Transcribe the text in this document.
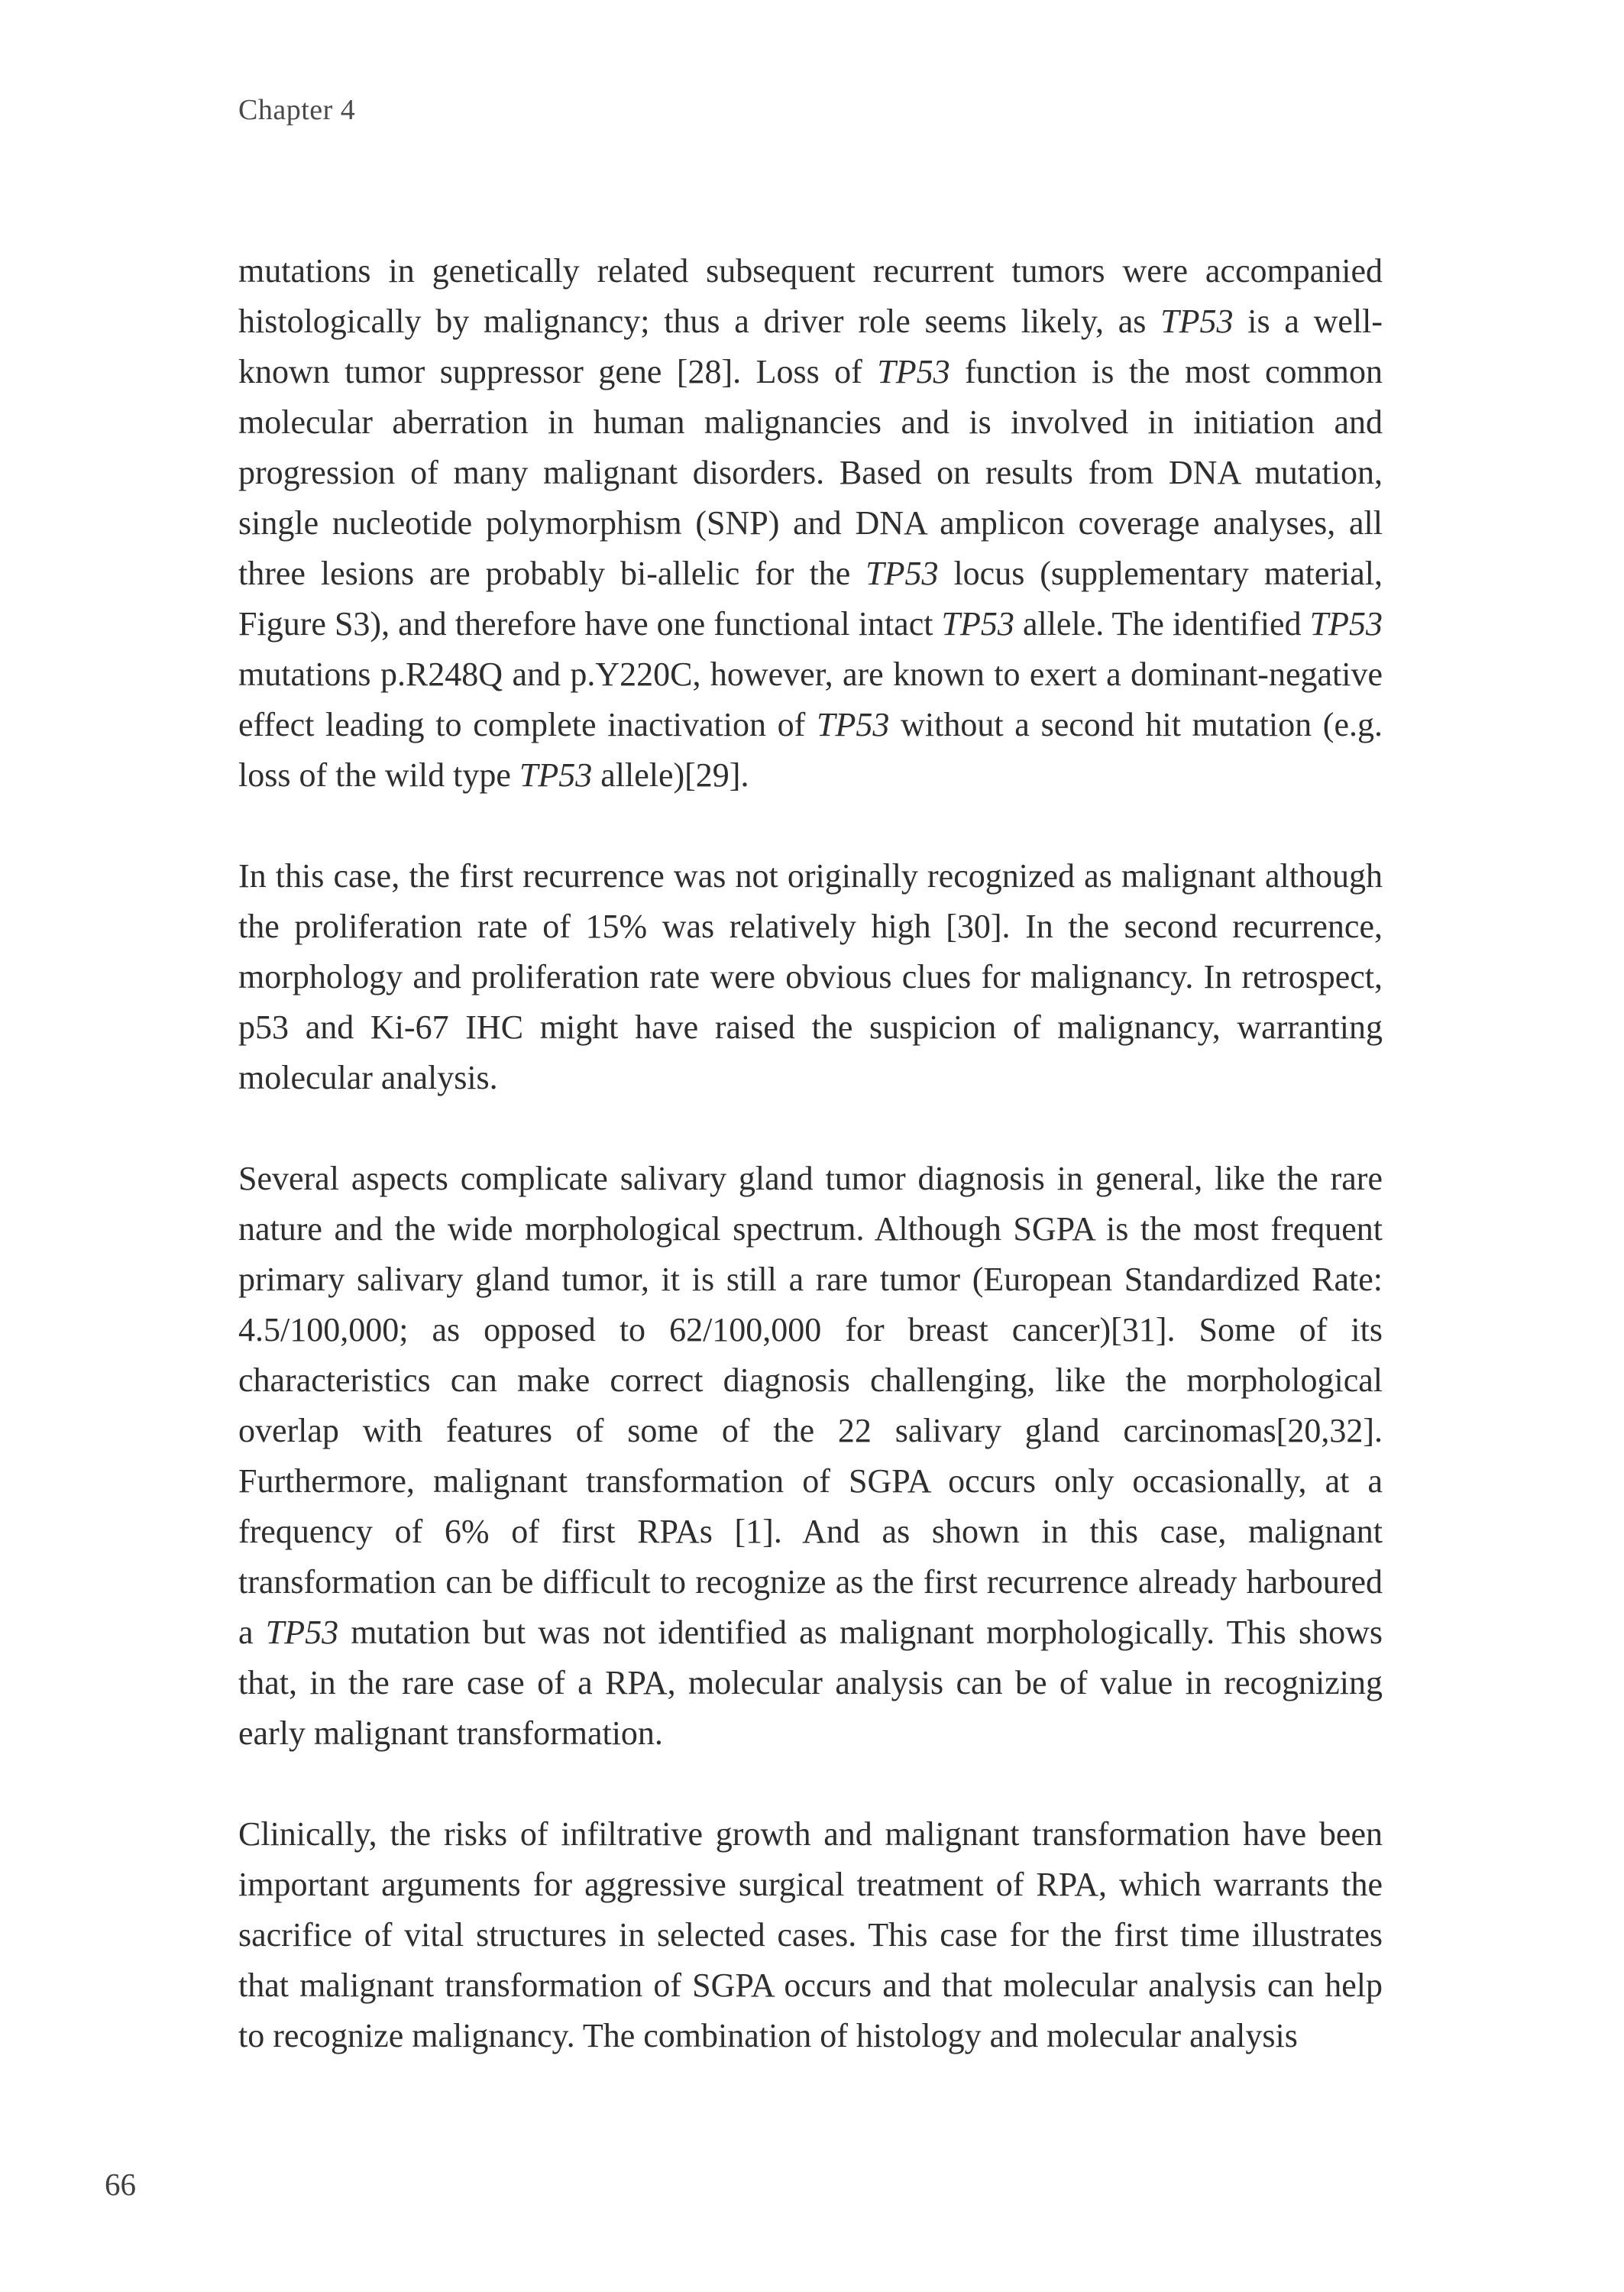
Chapter 4

mutations in genetically related subsequent recurrent tumors were accompanied histologically by malignancy; thus a driver role seems likely, as TP53 is a well-known tumor suppressor gene [28]. Loss of TP53 function is the most common molecular aberration in human malignancies and is involved in initiation and progression of many malignant disorders. Based on results from DNA mutation, single nucleotide polymorphism (SNP) and DNA amplicon coverage analyses, all three lesions are probably bi-allelic for the TP53 locus (supplementary material, Figure S3), and therefore have one functional intact TP53 allele. The identified TP53 mutations p.R248Q and p.Y220C, however, are known to exert a dominant-negative effect leading to complete inactivation of TP53 without a second hit mutation (e.g. loss of the wild type TP53 allele)[29].

In this case, the first recurrence was not originally recognized as malignant although the proliferation rate of 15% was relatively high [30]. In the second recurrence, morphology and proliferation rate were obvious clues for malignancy. In retrospect, p53 and Ki-67 IHC might have raised the suspicion of malignancy, warranting molecular analysis.

Several aspects complicate salivary gland tumor diagnosis in general, like the rare nature and the wide morphological spectrum. Although SGPA is the most frequent primary salivary gland tumor, it is still a rare tumor (European Standardized Rate: 4.5/100,000; as opposed to 62/100,000 for breast cancer)[31]. Some of its characteristics can make correct diagnosis challenging, like the morphological overlap with features of some of the 22 salivary gland carcinomas[20,32]. Furthermore, malignant transformation of SGPA occurs only occasionally, at a frequency of 6% of first RPAs [1]. And as shown in this case, malignant transformation can be difficult to recognize as the first recurrence already harboured a TP53 mutation but was not identified as malignant morphologically. This shows that, in the rare case of a RPA, molecular analysis can be of value in recognizing early malignant transformation.

Clinically, the risks of infiltrative growth and malignant transformation have been important arguments for aggressive surgical treatment of RPA, which warrants the sacrifice of vital structures in selected cases. This case for the first time illustrates that malignant transformation of SGPA occurs and that molecular analysis can help to recognize malignancy. The combination of histology and molecular analysis

66
